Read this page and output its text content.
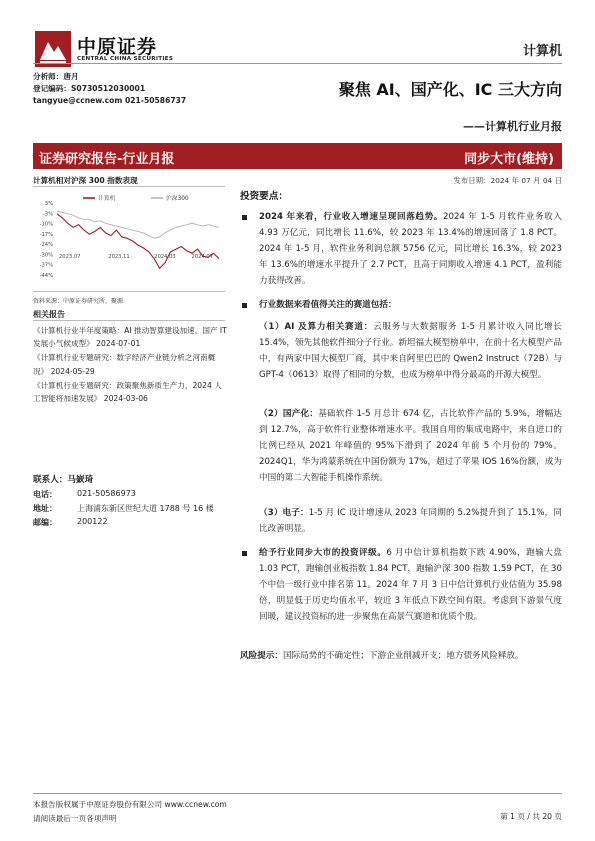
中原证券
CENTRAL CHINA SECURITIES	计算机
分析师：唐月
登记编码：S0730512030001
tangyue@ccnew.com 021-50586737
聚焦 AI、国产化、IC 三大方向
——计算机行业月报
证券研究报告-行业月报	同步大市(维持)
计算机相对沪深 300 指数表现
3%
-3%
-10%
-17%
-24%
-30%
-37%
-44%
2023.07	2023.11	2024.03	2024.07
计算机	沪深300
资料来源：中原证券研究所，聚源
相关报告

《计算机行业半年度策略：AI 推动智算建设加速，国产 IT 发展小气候成型》 2024-07-01

《计算机行业专题研究：数字经济产业链分析之河南概况》 2024-05-29

《计算机行业专题研究：政策聚焦新质生产力，2024 人工智能将加速发展》 2024-03-06

联系人：马嶔琦
电话：	021-50586973
地址：	上海浦东新区世纪大道 1788 号 16 楼
邮编：	200122
发布日期：2024 年 07 月 04 日
投资要点：
2024 年来看，行业收入增速呈现回落趋势。2024 年 1-5 月软件业务收入 4.93 万亿元，同比增长 11.6%，较 2023 年 13.4%的增速回落了 1.8 PCT。2024 年 1-5 月，软件业务利润总额 5756 亿元，同比增长 16.3%，较 2023 年 13.6%的增速水平提升了 2.7 PCT，且高于同期收入增速 4.1 PCT，盈利能力获得改善。
行业数据来看值得关注的赛道包括：
（1）AI 及算力相关赛道：云服务与大数据服务 1-5 月累计收入同比增长 15.4%，领先其他软件细分子行业。新坦福大模型榜单中，在前十名大模型产品中，有两家中国大模型厂商，其中来自阿里巴巴的 Qwen2 Instruct（72B）与 GPT-4（0613）取得了相同的分数，也成为榜单中得分最高的开源大模型。
（2）国产化：基础软件 1-5 月总计 674 亿，占比软件产品的 5.9%，增幅达到 12.7%，高于软件行业整体增速水平。我国自用的集成电路中，来自进口的比例已经从 2021 年峰值的 95%下滑到了 2024 年前 5 个月份的 79%。2024Q1，华为鸿蒙系统在中国份额为 17%，超过了苹果 IOS 16%份额，成为中国的第二大智能手机操作系统。
（3）电子：1-5 月 IC 设计增速从 2023 年同期的 5.2%提升到了 15.1%，同比改善明显。
给予行业同步大市的投资评级。6 月中信计算机指数下跌 4.90%，跑输大盘 1.03 PCT，跑输创业板指数 1.84 PCT，跑输沪深 300 指数 1.59 PCT，在 30 个中信一级行业中排名第 11。2024 年 7 月 3 日中信计算机行业估值为 35.98 倍，明显低于历史均值水平，较近 3 年低点下跌空间有限。考虑到下游景气度回暖，建议投资标的进一步聚焦在高景气赛道和优质个股。
风险提示：国际局势的不确定性；下游企业削减开支；地方债务风险释放。
本报告版权属于中原证券股份有限公司 www.ccnew.com
请阅读最后一页各项声明	第 1 页 / 共 20 页
